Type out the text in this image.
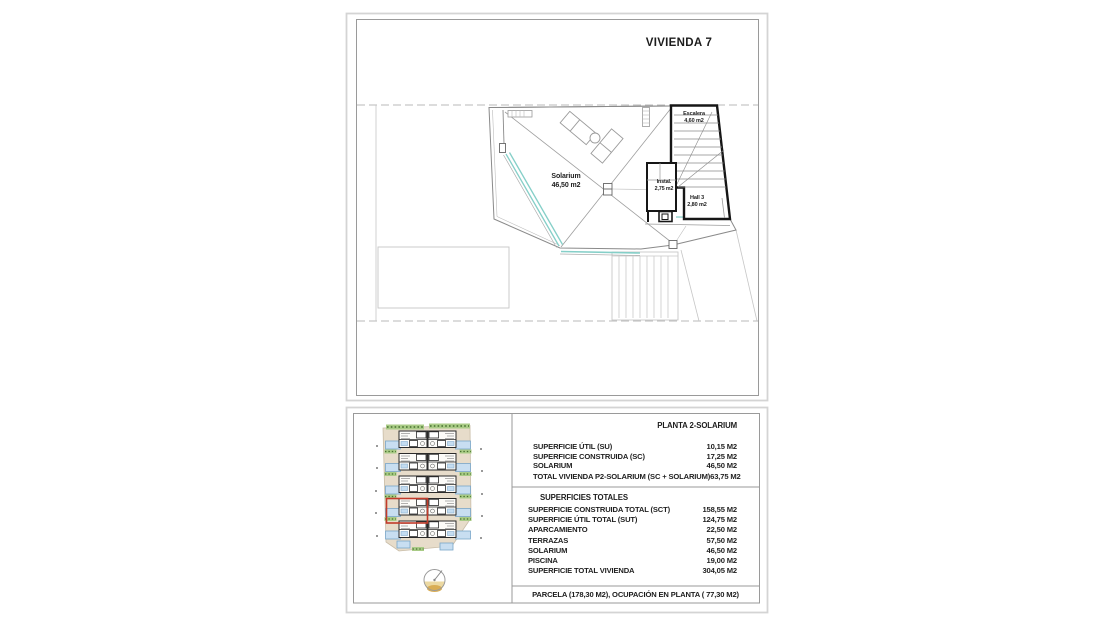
VIVIENDA 7
Solarium
46,50 m2
Escalera
4,60 m2
Instal.
2,75 m2
Hall 3
2,80 m2
PLANTA 2-SOLARIUM
SUPERFICIE ÚTIL (SU)	10,15 M2
SUPERFICIE CONSTRUIDA (SC)	17,25 M2
SOLARIUM	46,50 M2
TOTAL VIVIENDA P2-SOLARIUM (SC + SOLARIUM) 63,75 M2
SUPERFICIES TOTALES
SUPERFICIE CONSTRUIDA TOTAL (SCT)	158,55 M2
SUPERFICIE ÚTIL TOTAL (SUT)	124,75 M2
APARCAMIENTO	22,50 M2
TERRAZAS	57,50 M2
SOLARIUM	46,50 M2
PISCINA	19,00 M2
SUPERFICIE TOTAL VIVIENDA	304,05 M2
PARCELA (178,30 M2), OCUPACIÓN EN PLANTA ( 77,30 M2)
